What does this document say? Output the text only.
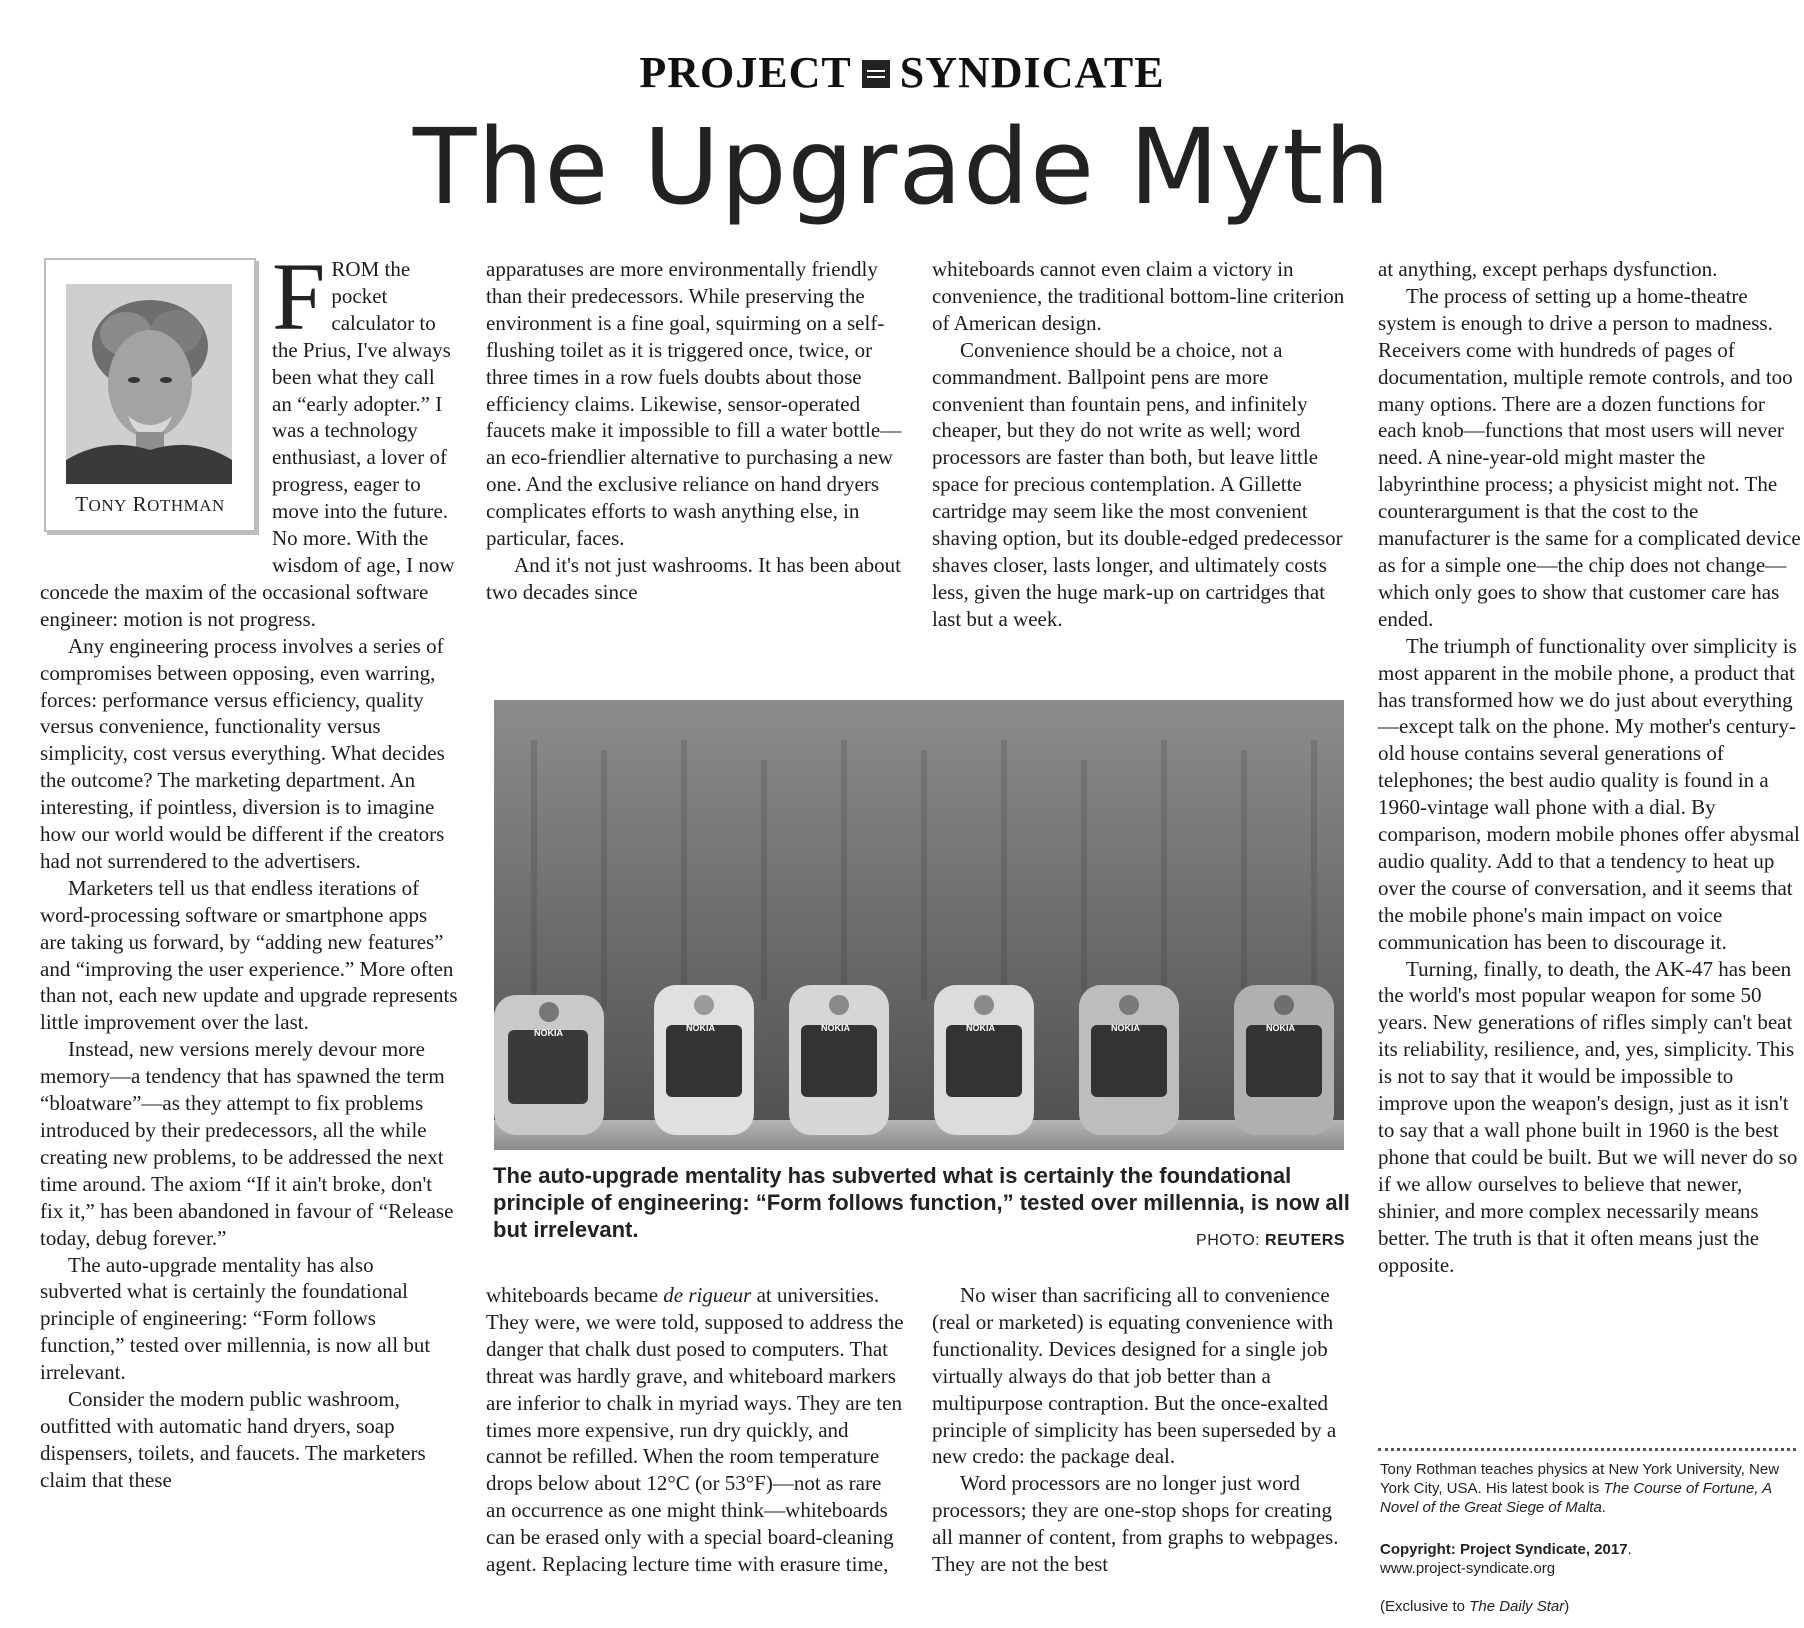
PROJECT SYNDICATE
The Upgrade Myth
TONY ROTHMAN

FROM the pocket calculator to the Prius, I've always been what they call an “early adopter.” I was a technology enthusiast, a lover of progress, eager to move into the future. No more. With the wisdom of age, I now concede the maxim of the occasional software engineer: motion is not progress.

Any engineering process involves a series of compromises between opposing, even warring, forces: performance versus efficiency, quality versus convenience, functionality versus simplicity, cost versus everything. What decides the outcome? The marketing department. An interesting, if pointless, diversion is to imagine how our world would be different if the creators had not surrendered to the advertisers.

Marketers tell us that endless iterations of word-processing software or smartphone apps are taking us forward, by “adding new features” and “improving the user experience.” More often than not, each new update and upgrade represents little improvement over the last.

Instead, new versions merely devour more memory—a tendency that has spawned the term “bloatware”—as they attempt to fix problems introduced by their predecessors, all the while creating new problems, to be addressed the next time around. The axiom “If it ain't broke, don't fix it,” has been abandoned in favour of “Release today, debug forever.”

The auto-upgrade mentality has also subverted what is certainly the foundational principle of engineering: “Form follows function,” tested over millennia, is now all but irrelevant.

Consider the modern public washroom, outfitted with automatic hand dryers, soap dispensers, toilets, and faucets. The marketers claim that these

apparatuses are more environmentally friendly than their predecessors. While preserving the environment is a fine goal, squirming on a self-flushing toilet as it is triggered once, twice, or three times in a row fuels doubts about those efficiency claims. Likewise, sensor-operated faucets make it impossible to fill a water bottle—an eco-friendlier alternative to purchasing a new one. And the exclusive reliance on hand dryers complicates efforts to wash anything else, in particular, faces.

And it's not just washrooms. It has been about two decades since

whiteboards cannot even claim a victory in convenience, the traditional bottom-line criterion of American design.

Convenience should be a choice, not a commandment. Ballpoint pens are more convenient than fountain pens, and infinitely cheaper, but they do not write as well; word processors are faster than both, but leave little space for precious contemplation. A Gillette cartridge may seem like the most convenient shaving option, but its double-edged predecessor shaves closer, lasts longer, and ultimately costs less, given the huge mark-up on cartridges that last but a week.

NOKIA	NOKIA	NOKIA	NOKIA	NOKIA	NOKIA
The auto-upgrade mentality has subverted what is certainly the foundational principle of engineering: “Form follows function,” tested over millennia, is now all but irrelevant.	PHOTO: REUTERS

whiteboards became de rigueur at universities. They were, we were told, supposed to address the danger that chalk dust posed to computers. That threat was hardly grave, and whiteboard markers are inferior to chalk in myriad ways. They are ten times more expensive, run dry quickly, and cannot be refilled. When the room temperature drops below about 12°C (or 53°F)—not as rare an occurrence as one might think—whiteboards can be erased only with a special board-cleaning agent. Replacing lecture time with erasure time,

No wiser than sacrificing all to convenience (real or marketed) is equating convenience with functionality. Devices designed for a single job virtually always do that job better than a multipurpose contraption. But the once-exalted principle of simplicity has been superseded by a new credo: the package deal.

Word processors are no longer just word processors; they are one-stop shops for creating all manner of content, from graphs to webpages. They are not the best

at anything, except perhaps dysfunction.

The process of setting up a home-theatre system is enough to drive a person to madness. Receivers come with hundreds of pages of documentation, multiple remote controls, and too many options. There are a dozen functions for each knob—functions that most users will never need. A nine-year-old might master the labyrinthine process; a physicist might not. The counterargument is that the cost to the manufacturer is the same for a complicated device as for a simple one—the chip does not change—which only goes to show that customer care has ended.

The triumph of functionality over simplicity is most apparent in the mobile phone, a product that has transformed how we do just about everything—except talk on the phone. My mother's century-old house contains several generations of telephones; the best audio quality is found in a 1960-vintage wall phone with a dial. By comparison, modern mobile phones offer abysmal audio quality. Add to that a tendency to heat up over the course of conversation, and it seems that the mobile phone's main impact on voice communication has been to discourage it.

Turning, finally, to death, the AK-47 has been the world's most popular weapon for some 50 years. New generations of rifles simply can't beat its reliability, resilience, and, yes, simplicity. This is not to say that it would be impossible to improve upon the weapon's design, just as it isn't to say that a wall phone built in 1960 is the best phone that could be built. But we will never do so if we allow ourselves to believe that newer, shinier, and more complex necessarily means better. The truth is that it often means just the opposite.

Tony Rothman teaches physics at New York University, New York City, USA. His latest book is The Course of Fortune, A Novel of the Great Siege of Malta.

Copyright: Project Syndicate, 2017.
www.project-syndicate.org
(Exclusive to The Daily Star)
